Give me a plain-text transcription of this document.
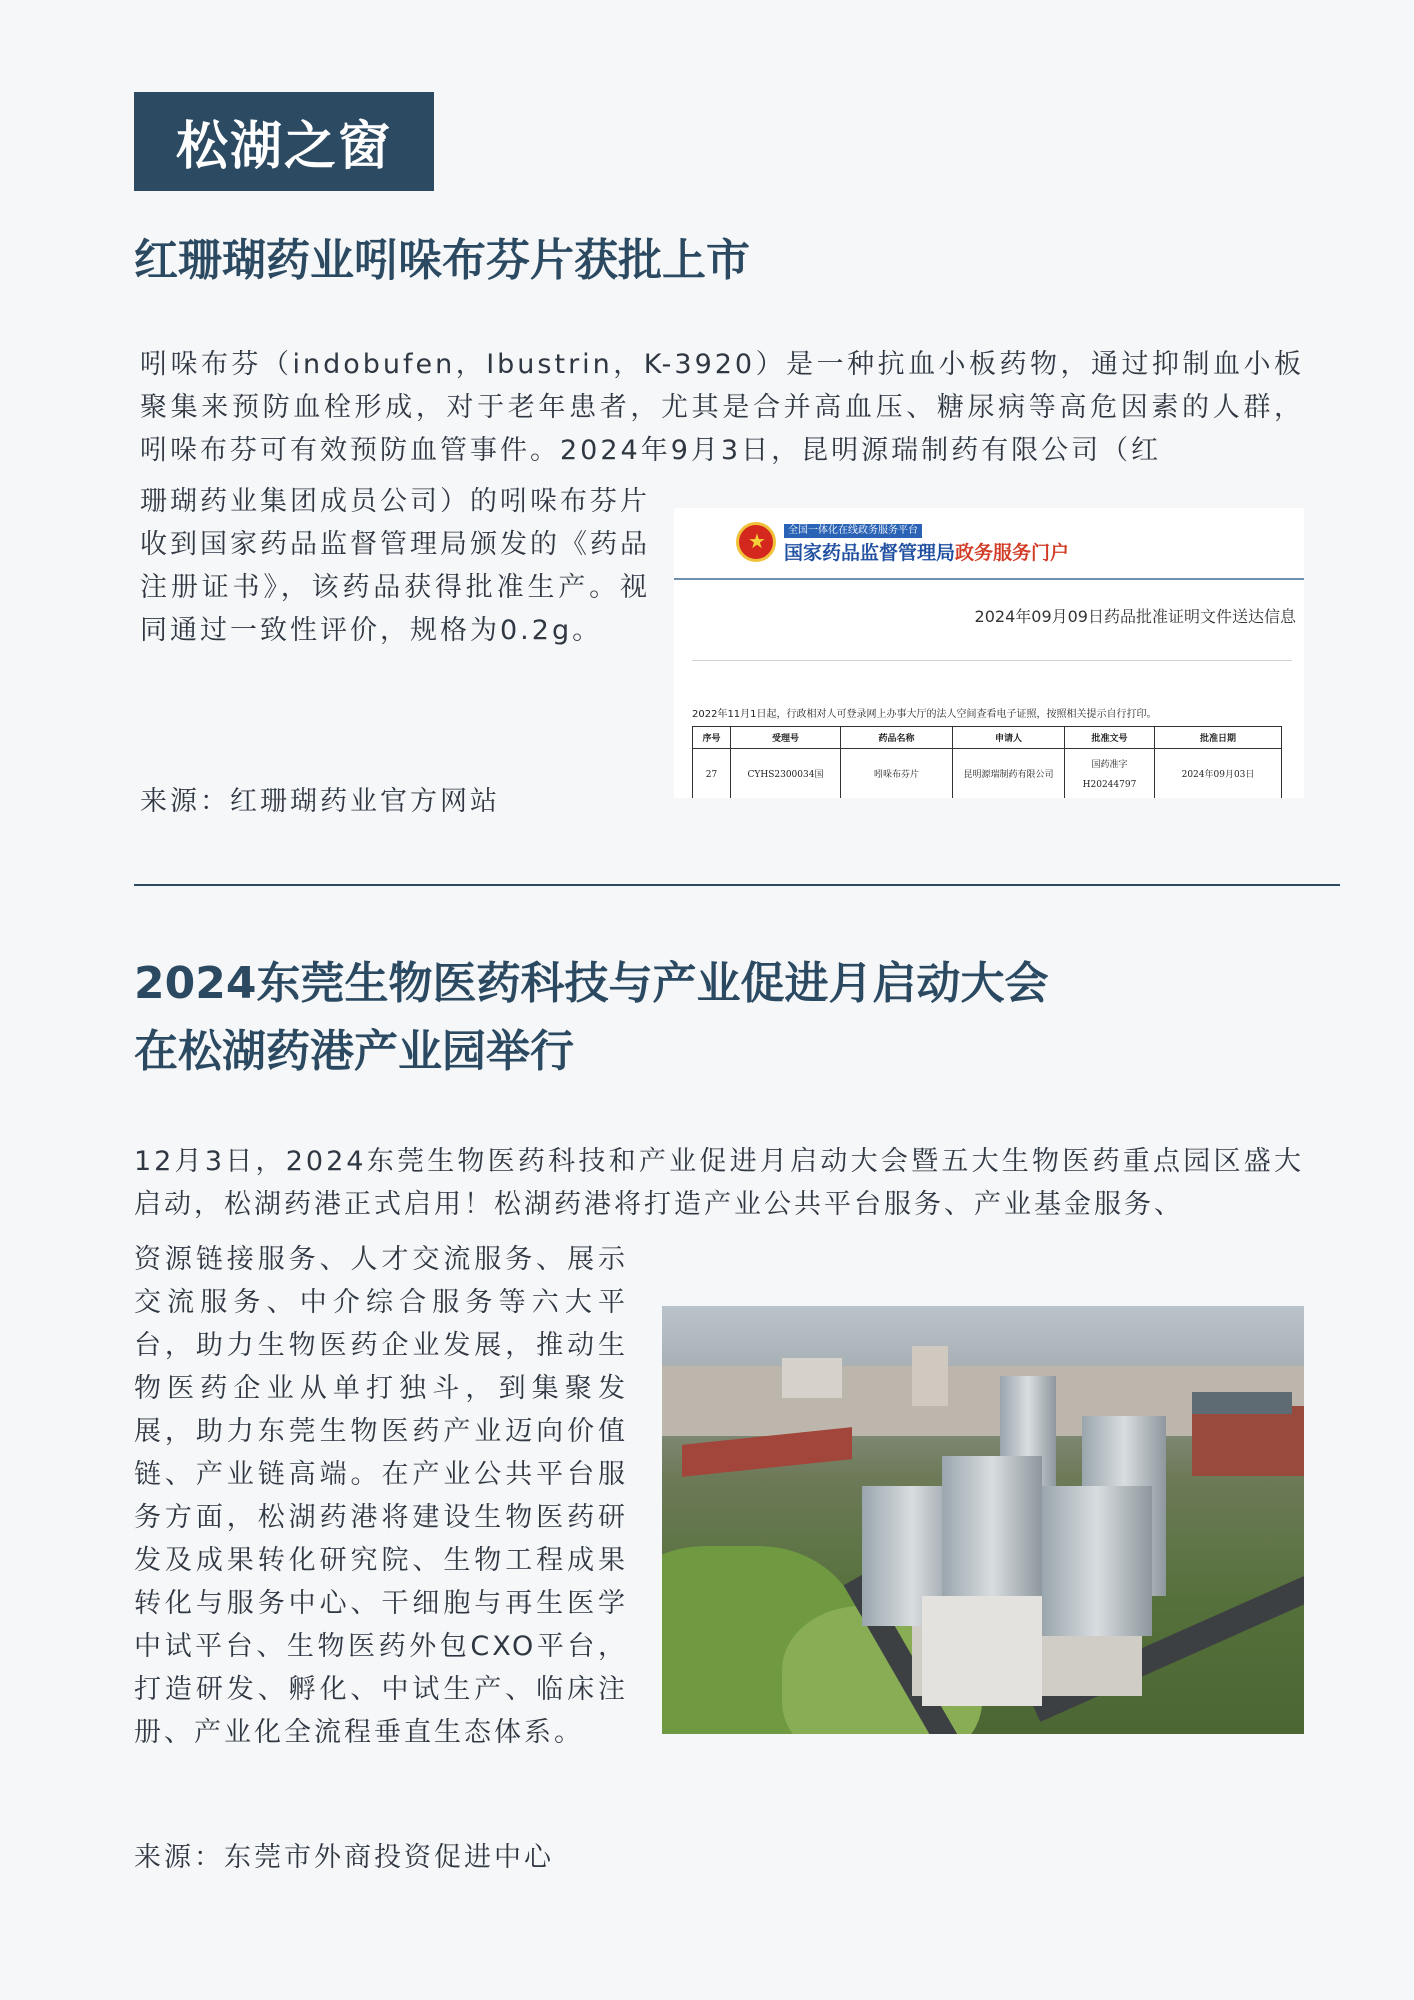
松湖之窗
红珊瑚药业吲哚布芬片获批上市
吲哚布芬（indobufen，Ibustrin，K-3920）是一种抗血小板药物，通过抑制血小板聚集来预防血栓形成，对于老年患者，尤其是合并高血压、糖尿病等高危因素的人群，吲哚布芬可有效预防血管事件。2024年9月3日，昆明源瑞制药有限公司（红
珊瑚药业集团成员公司）的吲哚布芬片收到国家药品监督管理局颁发的《药品注册证书》，该药品获得批准生产。视同通过一致性评价，规格为0.2g。
来源：红珊瑚药业官方网站
★
全国一体化在线政务服务平台
国家药品监督管理局政务服务门户
2024年09月09日药品批准证明文件送达信息
2022年11月1日起，行政相对人可登录网上办事大厅的法人空间查看电子证照，按照相关提示自行打印。
序号	受理号	药品名称	申请人	批准文号	批准日期
27	CYHS2300034国	吲哚布芬片	昆明源瑞制药有限公司	国药准字H20244797	2024年09月03日
2024东莞生物医药科技与产业促进月启动大会
在松湖药港产业园举行
12月3日，2024东莞生物医药科技和产业促进月启动大会暨五大生物医药重点园区盛大启动，松湖药港正式启用！松湖药港将打造产业公共平台服务、产业基金服务、
资源链接服务、人才交流服务、展示交流服务、中介综合服务等六大平台，助力生物医药企业发展，推动生物医药企业从单打独斗，到集聚发展，助力东莞生物医药产业迈向价值链、产业链高端。在产业公共平台服务方面，松湖药港将建设生物医药研发及成果转化研究院、生物工程成果转化与服务中心、干细胞与再生医学中试平台、生物医药外包CXO平台，打造研发、孵化、中试生产、临床注册、产业化全流程垂直生态体系。
来源：东莞市外商投资促进中心
